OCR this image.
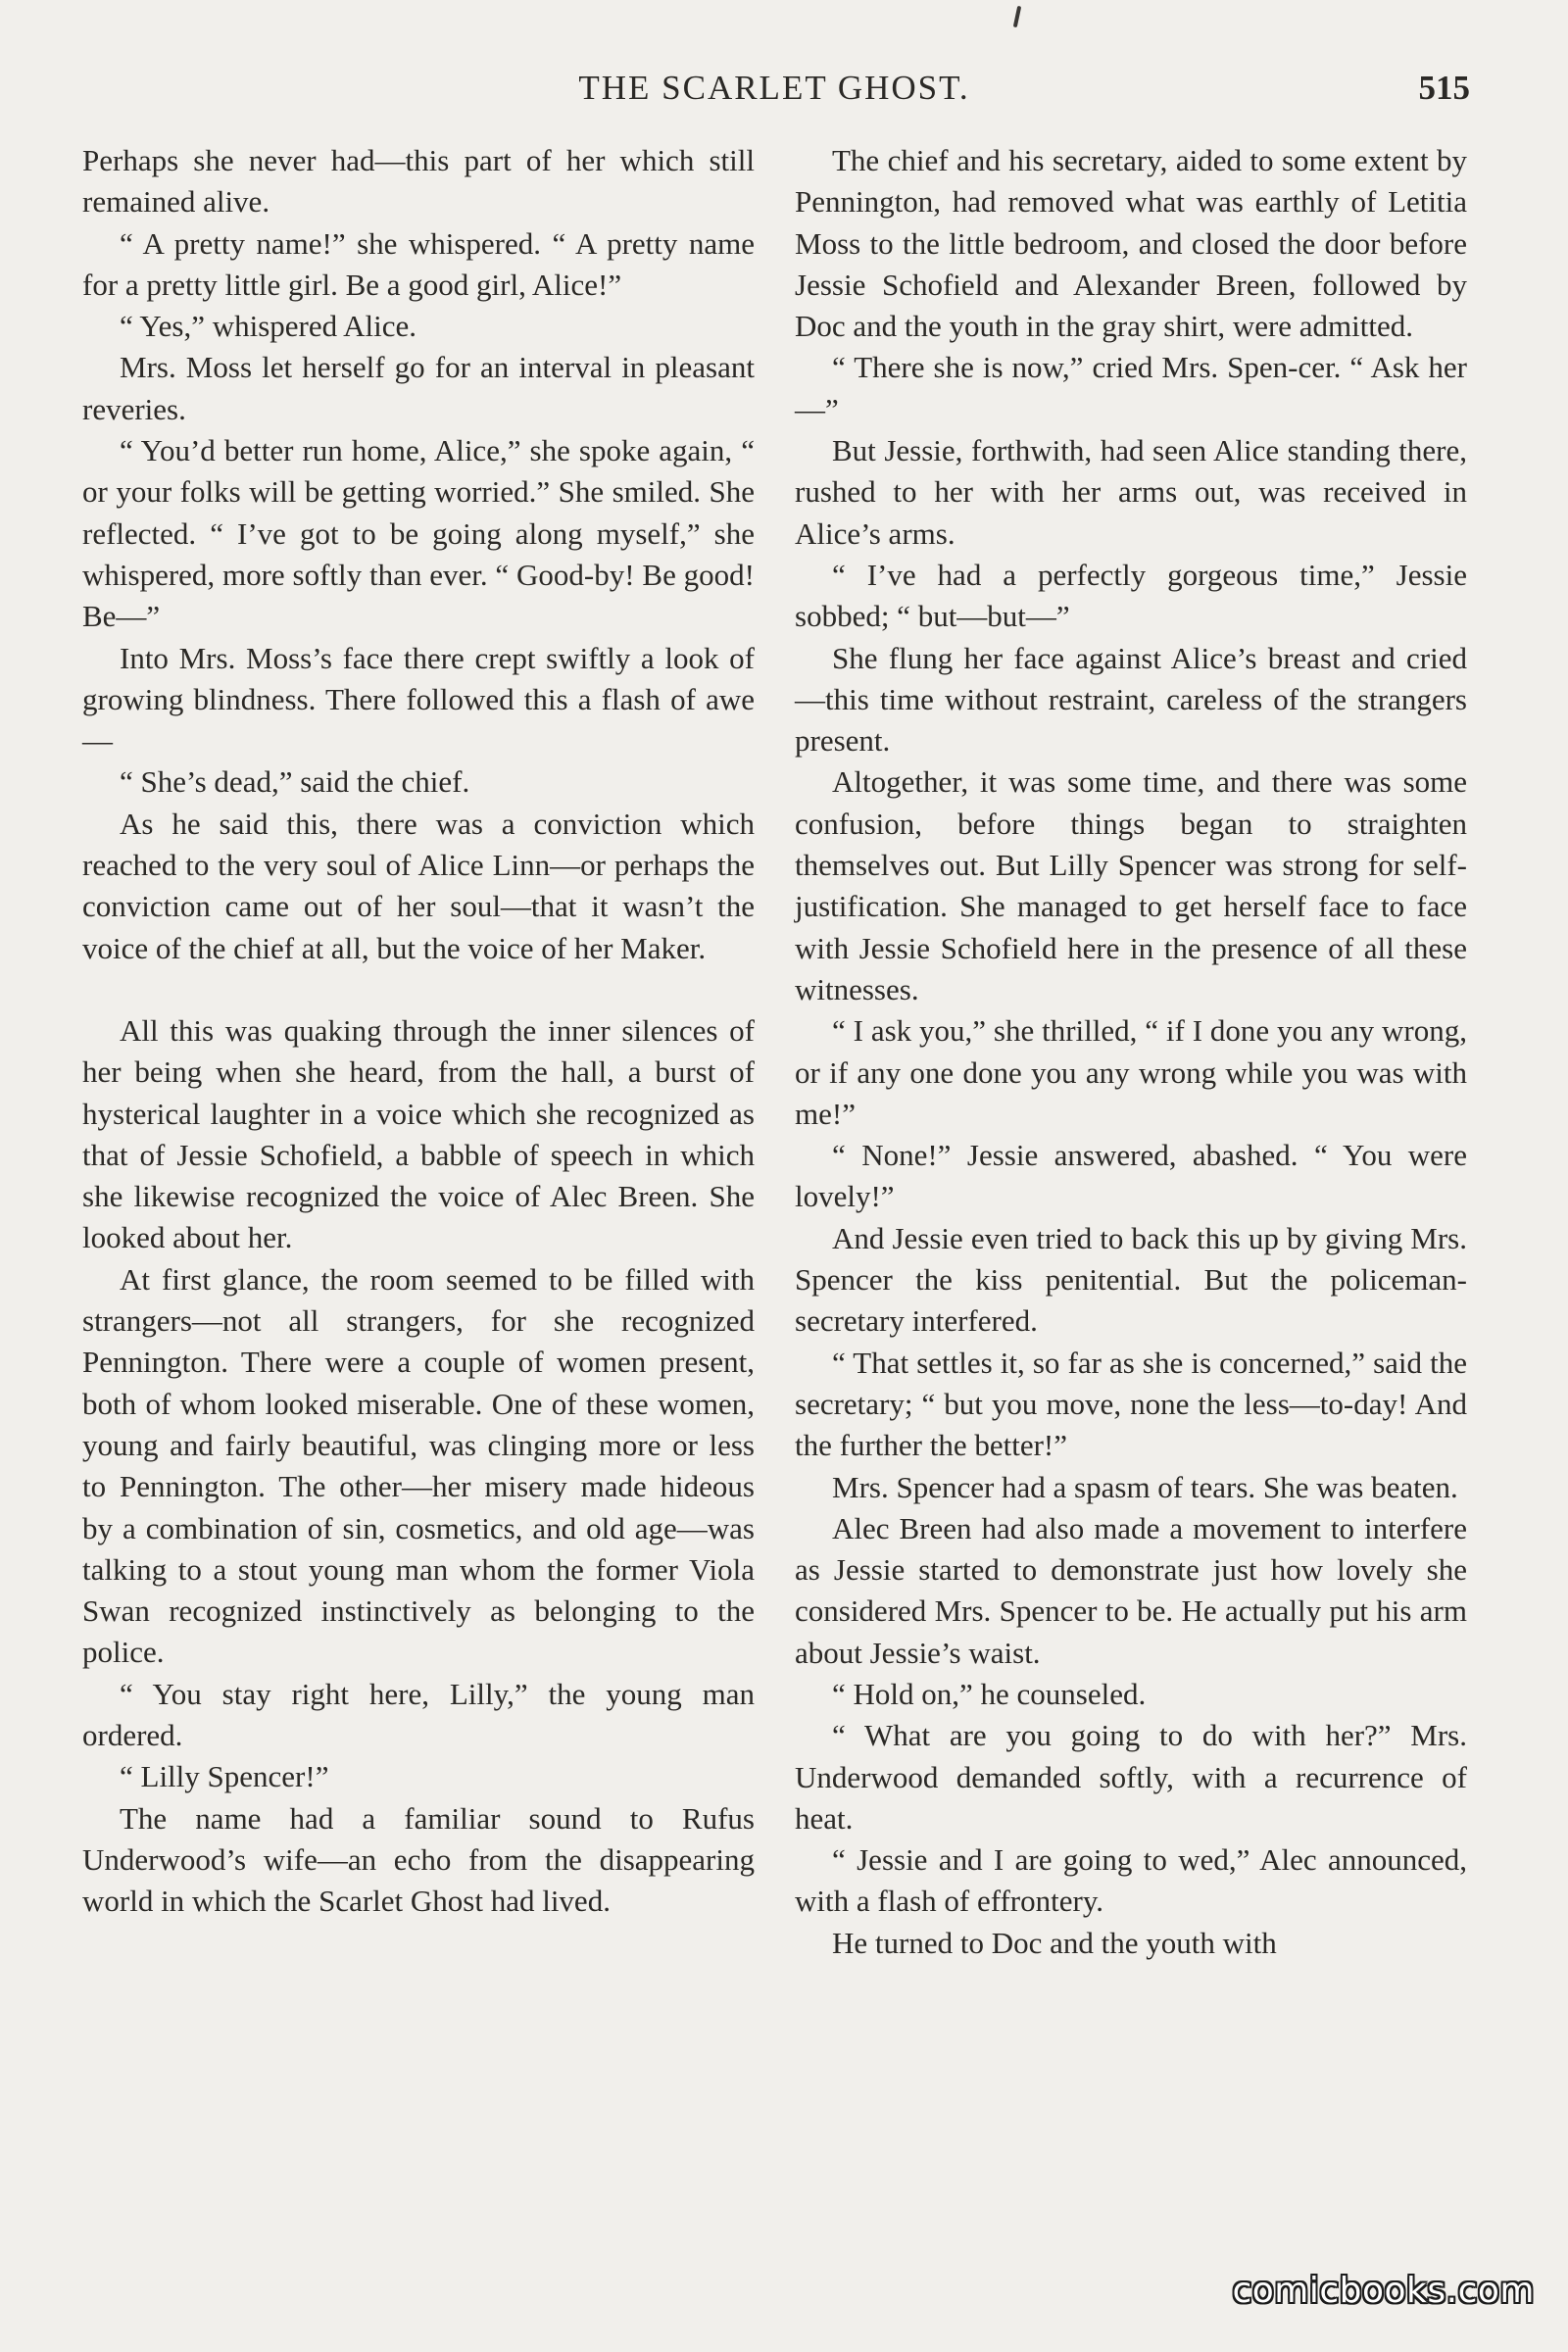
THE SCARLET GHOST.	515

Perhaps she never had—this part of her which still remained alive.

“ A pretty name!” she whispered. “ A pretty name for a pretty little girl. Be a good girl, Alice!”

“ Yes,” whispered Alice.

Mrs. Moss let herself go for an interval in pleasant reveries.

“ You’d better run home, Alice,” she spoke again, “ or your folks will be getting worried.” She smiled. She reflected. “ I’ve got to be going along myself,” she whispered, more softly than ever. “ Good-by! Be good! Be—”

Into Mrs. Moss’s face there crept swiftly a look of growing blindness. There followed this a flash of awe—

“ She’s dead,” said the chief.

As he said this, there was a conviction which reached to the very soul of Alice Linn—or perhaps the conviction came out of her soul—that it wasn’t the voice of the chief at all, but the voice of her Maker.

All this was quaking through the inner silences of her being when she heard, from the hall, a burst of hysterical laughter in a voice which she recognized as that of Jessie Schofield, a babble of speech in which she likewise recognized the voice of Alec Breen. She looked about her.

At first glance, the room seemed to be filled with strangers—not all strangers, for she recognized Pennington. There were a couple of women present, both of whom looked miserable. One of these women, young and fairly beautiful, was clinging more or less to Pennington. The other—her misery made hideous by a combination of sin, cosmetics, and old age—was talking to a stout young man whom the former Viola Swan recognized instinctively as belonging to the police.

“ You stay right here, Lilly,” the young man ordered.

“ Lilly Spencer!”

The name had a familiar sound to Rufus Underwood’s wife—an echo from the disappearing world in which the Scarlet Ghost had lived.

The chief and his secretary, aided to some extent by Pennington, had removed what was earthly of Letitia Moss to the little bedroom, and closed the door before Jessie Schofield and Alexander Breen, followed by Doc and the youth in the gray shirt, were admitted.

“ There she is now,” cried Mrs. Spen-cer. “ Ask her—”

But Jessie, forthwith, had seen Alice standing there, rushed to her with her arms out, was received in Alice’s arms.

“ I’ve had a perfectly gorgeous time,” Jessie sobbed; “ but—but—”

She flung her face against Alice’s breast and cried—this time without restraint, careless of the strangers present.

Altogether, it was some time, and there was some confusion, before things began to straighten themselves out. But Lilly Spencer was strong for self-justification. She managed to get herself face to face with Jessie Schofield here in the presence of all these witnesses.

“ I ask you,” she thrilled, “ if I done you any wrong, or if any one done you any wrong while you was with me!”

“ None!” Jessie answered, abashed. “ You were lovely!”

And Jessie even tried to back this up by giving Mrs. Spencer the kiss penitential. But the policeman-secretary interfered.

“ That settles it, so far as she is concerned,” said the secretary; “ but you move, none the less—to-day! And the further the better!”

Mrs. Spencer had a spasm of tears. She was beaten.

Alec Breen had also made a movement to interfere as Jessie started to demonstrate just how lovely she considered Mrs. Spencer to be. He actually put his arm about Jessie’s waist.

“ Hold on,” he counseled.

“ What are you going to do with her?” Mrs. Underwood demanded softly, with a recurrence of heat.

“ Jessie and I are going to wed,” Alec announced, with a flash of effrontery.

He turned to Doc and the youth with

comicbooks.com
